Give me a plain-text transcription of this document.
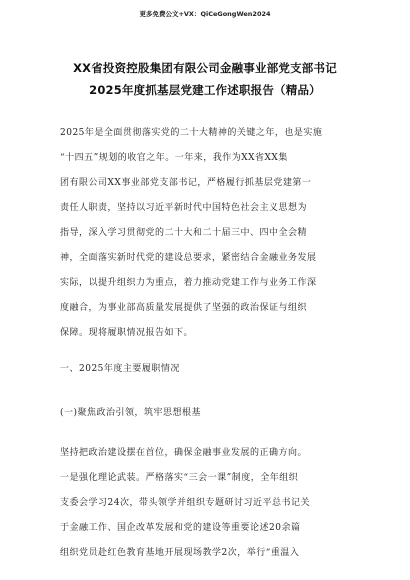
更多免费公文+VX：QiCeGongWen2024
XX省投资控股集团有限公司金融事业部党支部书记
2025年度抓基层党建工作述职报告（精品）
2025年是全面贯彻落实党的二十大精神的关键之年，也是实施
“十四五”规划的收官之年。一年来，我作为XX省XX集
团有限公司XX事业部党支部书记，严格履行抓基层党建第一
责任人职责，坚持以习近平新时代中国特色社会主义思想为
指导，深入学习贯彻党的二十大和二十届三中、四中全会精
神，全面落实新时代党的建设总要求，紧密结合金融业务发展
实际，以提升组织力为重点，着力推动党建工作与业务工作深
度融合，为事业部高质量发展提供了坚强的政治保证与组织
保障。现将履职情况报告如下。
一、2025年度主要履职情况
(一)聚焦政治引领，筑牢思想根基
坚持把政治建设摆在首位，确保金融事业发展的正确方向。
一是强化理论武装。严格落实“三会一课”制度，全年组织
支委会学习24次，带头领学并组织专题研讨习近平总书记关
于金融工作、国企改革发展和党的建设等重要论述20余篇
组织党员赴红色教育基地开展现场教学2次，举行“重温入
